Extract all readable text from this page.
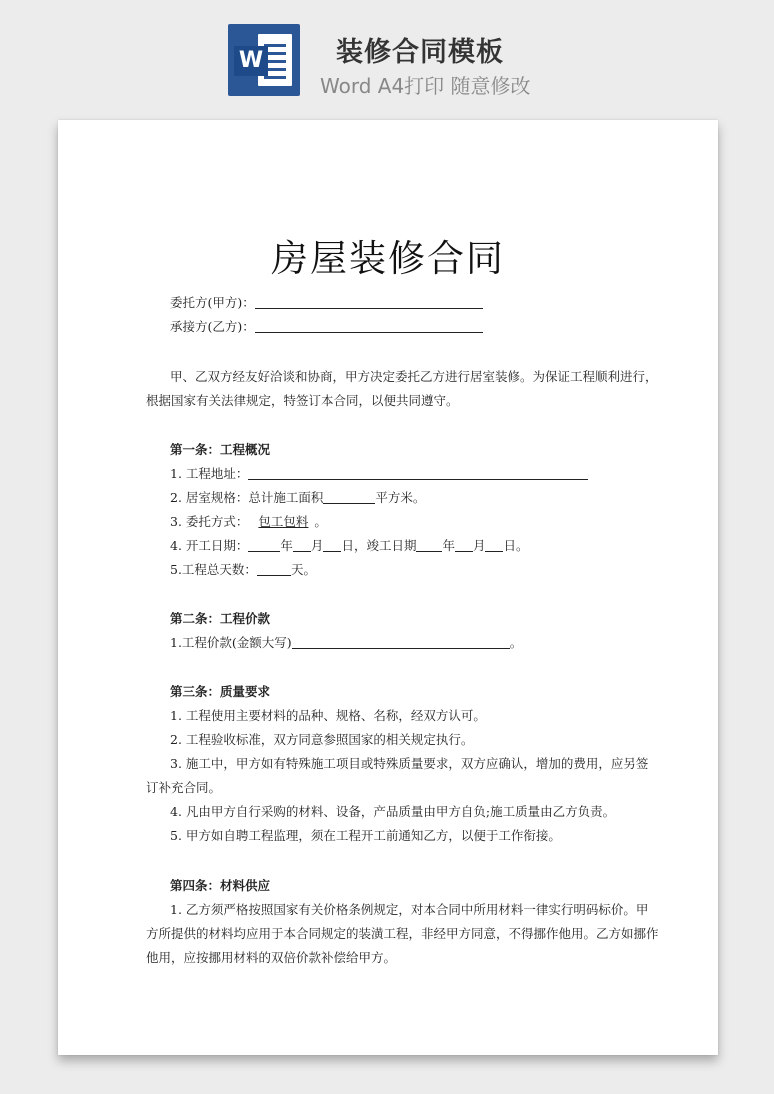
W	装修合同模板
Word A4打印 随意修改
房屋装修合同
委托方(甲方)：
承接方(乙方)：
甲、乙双方经友好洽谈和协商，甲方决定委托乙方进行居室装修。为保证工程顺利进行，
根据国家有关法律规定，特签订本合同，以便共同遵守。
第一条：工程概况
1. 工程地址：
2. 居室规格：总计施工面积	平方米。
3. 委托方式： 包工包料 。
4. 开工日期：	年 月 日，竣工日期 年 月 日。
5.工程总天数：	天。
第二条：工程价款
1.工程价款(金额大写)	。
第三条：质量要求
1. 工程使用主要材料的品种、规格、名称，经双方认可。
2. 工程验收标准，双方同意参照国家的相关规定执行。
3. 施工中，甲方如有特殊施工项目或特殊质量要求，双方应确认，增加的费用，应另签
订补充合同。
4. 凡由甲方自行采购的材料、设备，产品质量由甲方自负;施工质量由乙方负责。
5. 甲方如自聘工程监理，须在工程开工前通知乙方，以便于工作衔接。
第四条：材料供应
1. 乙方须严格按照国家有关价格条例规定，对本合同中所用材料一律实行明码标价。甲
方所提供的材料均应用于本合同规定的装潢工程，非经甲方同意，不得挪作他用。乙方如挪作
他用，应按挪用材料的双倍价款补偿给甲方。
